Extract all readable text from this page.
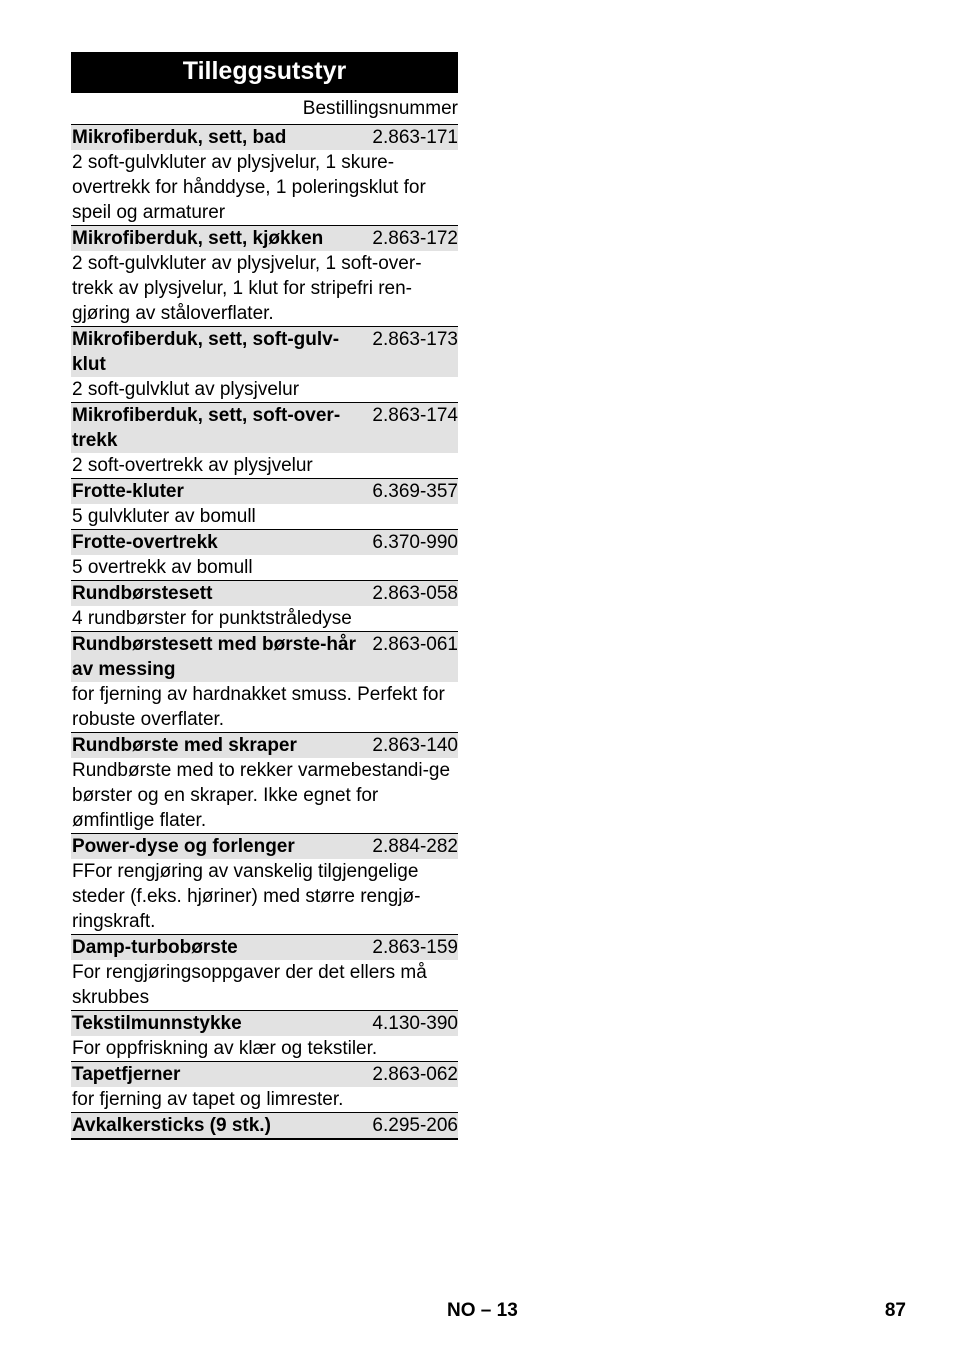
Tilleggsutstyr
Bestillingsnummer
Mikrofiberduk, sett, bad	2.863-171
2 soft-gulvkluter av plysjvelur, 1 skure-overtrekk for hånddyse, 1 poleringsklut for speil og armaturer
Mikrofiberduk, sett, kjøkken	2.863-172
2 soft-gulvkluter av plysjvelur, 1 soft-over-trekk av plysjvelur, 1 klut for stripefri ren-gjøring av ståloverflater.
Mikrofiberduk, sett, soft-gulv-klut
2.863-173
2 soft-gulvklut av plysjvelur
Mikrofiberduk, sett, soft-over-trekk
2.863-174
2 soft-overtrekk av plysjvelur
Frotte-kluter	6.369-357
5 gulvkluter av bomull
Frotte-overtrekk	6.370-990
5 overtrekk av bomull
Rundbørstesett	2.863-058
4 rundbørster for punktstråledyse
Rundbørstesett med børste-hår av messing
2.863-061
for fjerning av hardnakket smuss. Perfekt for robuste overflater.
Rundbørste med skraper	2.863-140
Rundbørste med to rekker varmebestandi-ge børster og en skraper. Ikke egnet for ømfintlige flater.
Power-dyse og forlenger	2.884-282
FFor rengjøring av vanskelig tilgjengelige steder (f.eks. hjøriner) med større rengjø-ringskraft.
Damp-turbobørste	2.863-159
For rengjøringsoppgaver der det ellers må skrubbes
Tekstilmunnstykke	4.130-390
For oppfriskning av klær og tekstiler.
Tapetfjerner	2.863-062
for fjerning av tapet og limrester.
Avkalkersticks (9 stk.)	6.295-206
NO – 13	87
